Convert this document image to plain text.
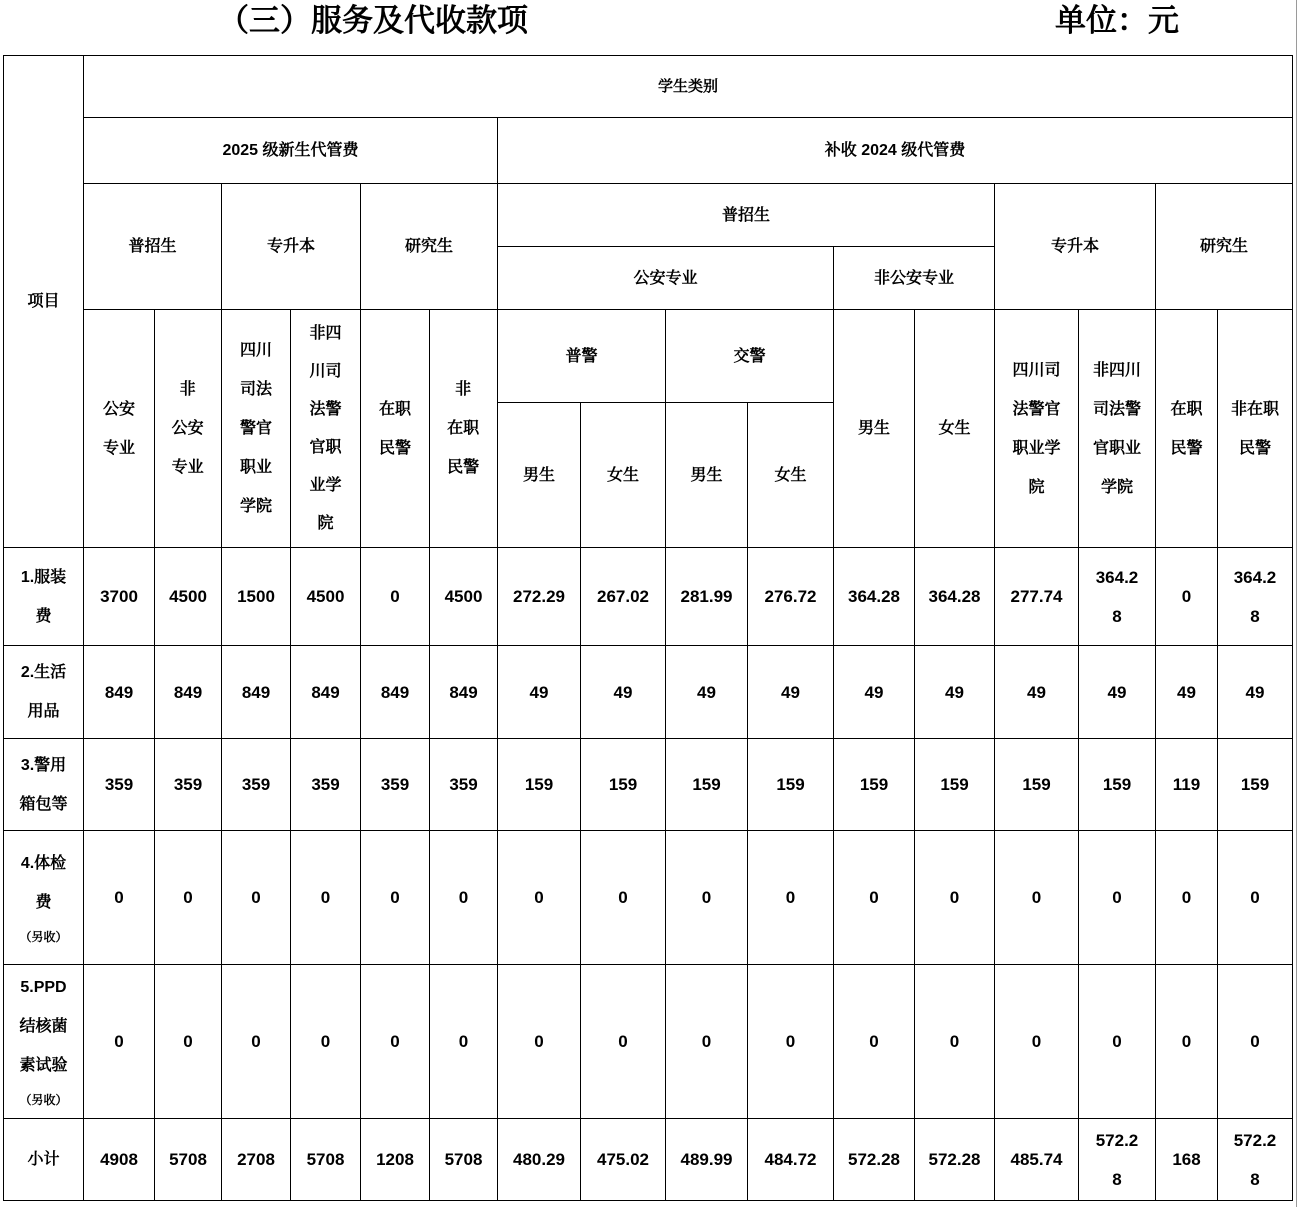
（三）服务及代收款项	单位：元
项目	学生类别															
	2025 级新生代管费						补收 2024 级代管费									
	普招生		专升本		研究生		普招生						专升本		研究生	
							公安专业				非公安专业					
	公安专业	非公安专业	四川司法警官职业学院	非四川司法警官职业学院	在职民警	非在职民警	普警		交警		男生	女生	四川司法警官职业学院	非四川司法警官职业学院	在职民警	非在职民警
							男生	女生	男生	女生						
1.服装费	3700	4500	1500	4500	0	4500	272.29	267.02	281.99	276.72	364.28	364.28	277.74	364.28	0	364.28
2.生活用品	849	849	849	849	849	849	49	49	49	49	49	49	49	49	49	49
3.警用箱包等	359	359	359	359	359	359	159	159	159	159	159	159	159	159	119	159
4.体检费
（另收）	0	0	0	0	0	0	0	0	0	0	0	0	0	0	0	0
5.PPD结核菌素试验
（另收）	0	0	0	0	0	0	0	0	0	0	0	0	0	0	0	0
小计	4908	5708	2708	5708	1208	5708	480.29	475.02	489.99	484.72	572.28	572.28	485.74	572.28	168	572.28
